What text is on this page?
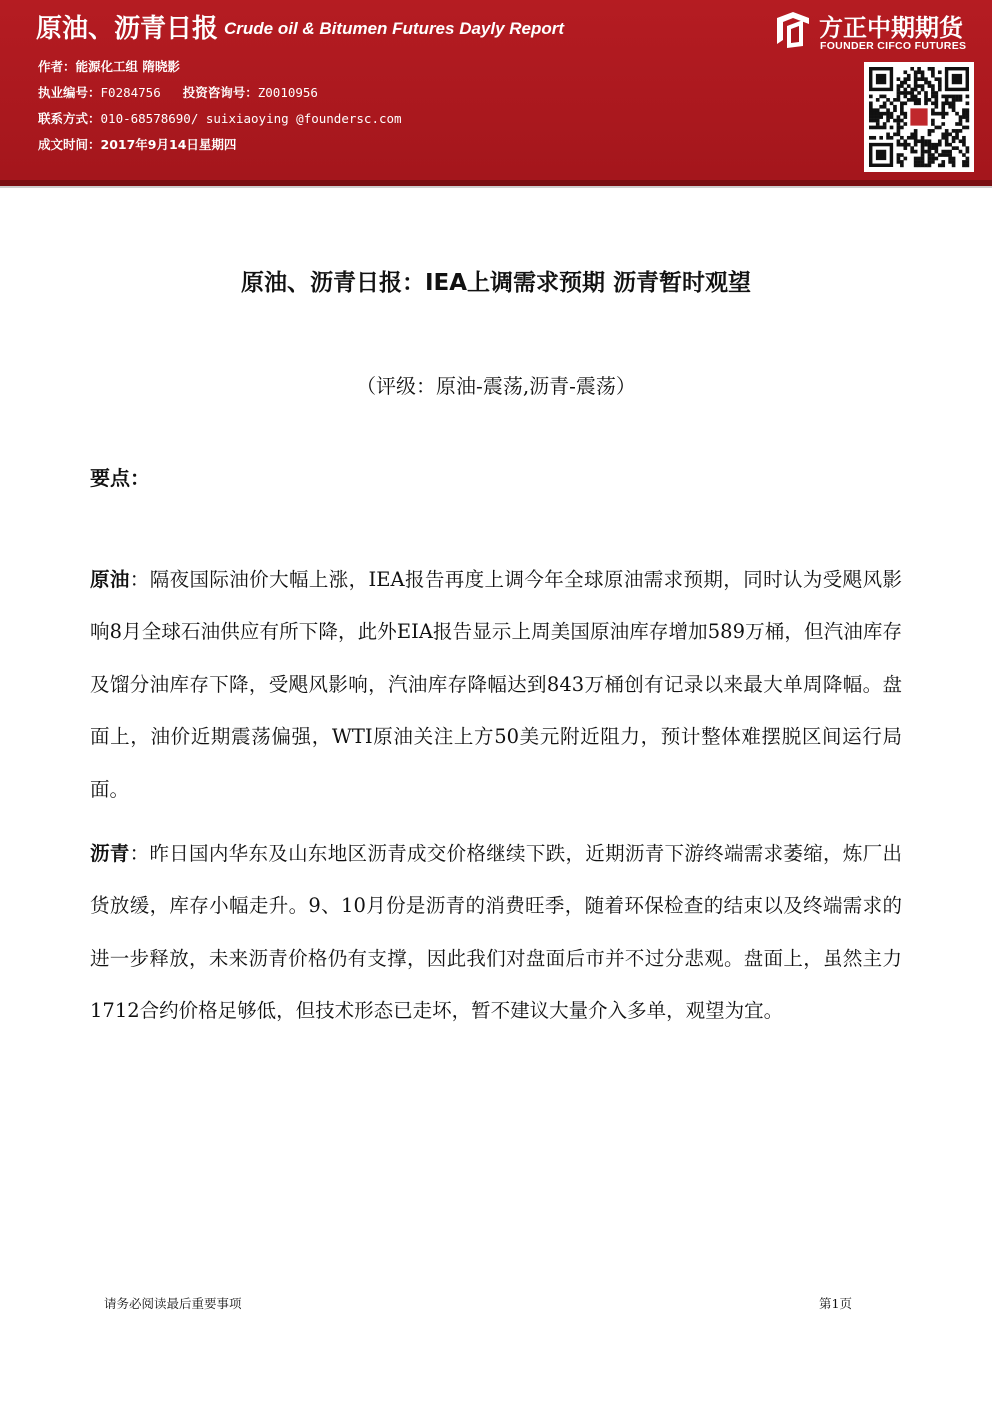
原油、沥青日报 Crude oil & Bitumen Futures Dayly Report
作者：能源化工组 隋晓影
执业编号：F0284756 投资咨询号：Z0010956
联系方式：010-68578690/ suixiaoying @foundersc.com
成文时间：2017年9月14日星期四
方正中期期货
FOUNDER CIFCO FUTURES
原油、沥青日报：IEA上调需求预期 沥青暂时观望
（评级：原油-震荡,沥青-震荡）
要点：
原油：隔夜国际油价大幅上涨，IEA报告再度上调今年全球原油需求预期，同时认为受飓风影响8月全球石油供应有所下降，此外EIA报告显示上周美国原油库存增加589万桶，但汽油库存及馏分油库存下降，受飓风影响，汽油库存降幅达到843万桶创有记录以来最大单周降幅。盘面上，油价近期震荡偏强，WTI原油关注上方50美元附近阻力，预计整体难摆脱区间运行局面。
沥青：昨日国内华东及山东地区沥青成交价格继续下跌，近期沥青下游终端需求萎缩，炼厂出货放缓，库存小幅走升。9、10月份是沥青的消费旺季，随着环保检查的结束以及终端需求的进一步释放，未来沥青价格仍有支撑，因此我们对盘面后市并不过分悲观。盘面上，虽然主力1712合约价格足够低，但技术形态已走坏，暂不建议大量介入多单，观望为宜。
请务必阅读最后重要事项	第1页
